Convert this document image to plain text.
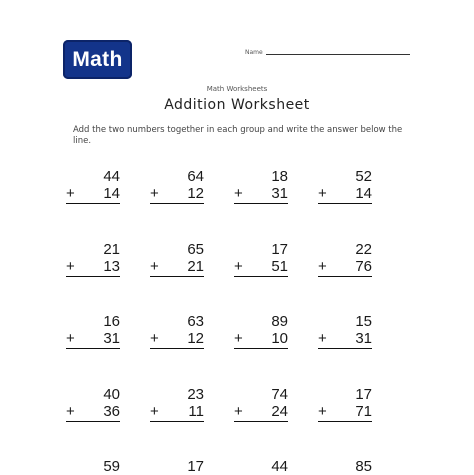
Math	Name
Math Worksheets
Addition Worksheet
Add the two numbers together in each group and write the answer below the line.
44
+ 14
64
+ 12
18
+ 31
52
+ 14
21
+ 13
65
+ 21
17
+ 51
22
+ 76
16
+ 31
63
+ 12
89
+ 10
15
+ 31
40
+ 36
23
+ 11
74
+ 24
17
+ 71
59	17	44	85
